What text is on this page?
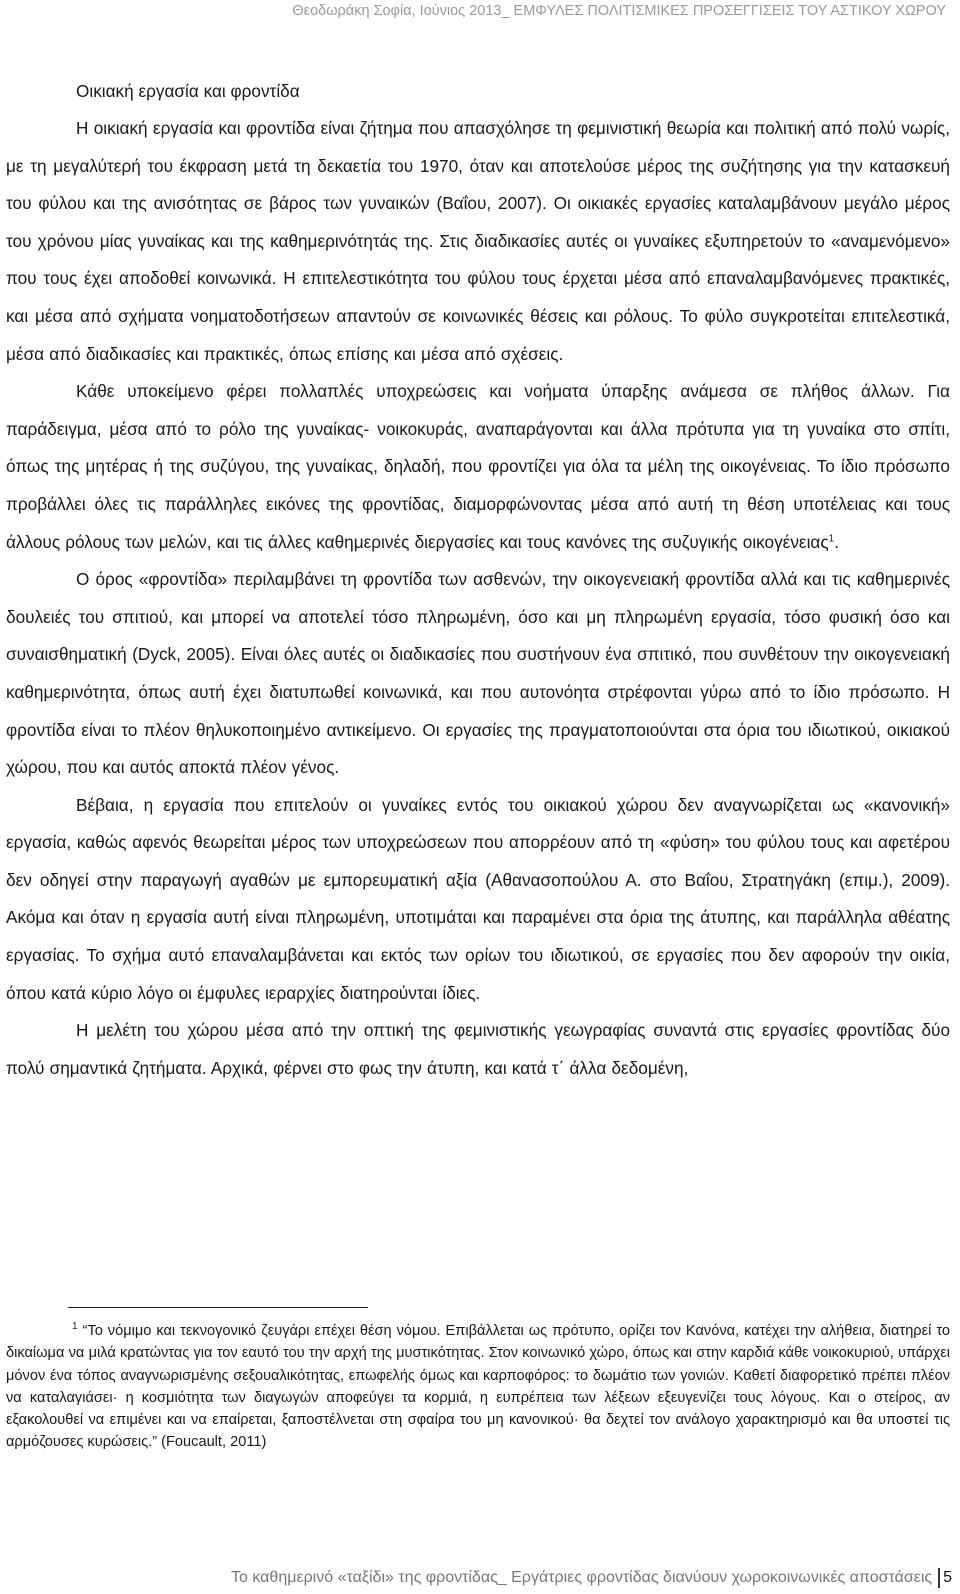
Θεοδωράκη Σοφία, Ιούνιος 2013_ ΕΜΦΥΛΕΣ ΠΟΛΙΤΙΣΜΙΚΕΣ ΠΡΟΣΕΓΓΙΣΕΙΣ ΤΟΥ ΑΣΤΙΚΟΥ ΧΩΡΟΥ
Οικιακή εργασία και φροντίδα

Η οικιακή εργασία και φροντίδα είναι ζήτημα που απασχόλησε τη φεμινιστική θεωρία και πολιτική από πολύ νωρίς, με τη μεγαλύτερή του έκφραση μετά τη δεκαετία του 1970, όταν και αποτελούσε μέρος της συζήτησης για την κατασκευή του φύλου και της ανισότητας σε βάρος των γυναικών (Βαΐου, 2007). Οι οικιακές εργασίες καταλαμβάνουν μεγάλο μέρος του χρόνου μίας γυναίκας και της καθημερινότητάς της. Στις διαδικασίες αυτές οι γυναίκες εξυπηρετούν το «αναμενόμενο» που τους έχει αποδοθεί κοινωνικά. Η επιτελεστικότητα του φύλου τους έρχεται μέσα από επαναλαμβανόμενες πρακτικές, και μέσα από σχήματα νοηματοδοτήσεων απαντούν σε κοινωνικές θέσεις και ρόλους. Το φύλο συγκροτείται επιτελεστικά, μέσα από διαδικασίες και πρακτικές, όπως επίσης και μέσα από σχέσεις.

Κάθε υποκείμενο φέρει πολλαπλές υποχρεώσεις και νοήματα ύπαρξης ανάμεσα σε πλήθος άλλων. Για παράδειγμα, μέσα από το ρόλο της γυναίκας- νοικοκυράς, αναπαράγονται και άλλα πρότυπα για τη γυναίκα στο σπίτι, όπως της μητέρας ή της συζύγου, της γυναίκας, δηλαδή, που φροντίζει για όλα τα μέλη της οικογένειας. Το ίδιο πρόσωπο προβάλλει όλες τις παράλληλες εικόνες της φροντίδας, διαμορφώνοντας μέσα από αυτή τη θέση υποτέλειας και τους άλλους ρόλους των μελών, και τις άλλες καθημερινές διεργασίες και τους κανόνες της συζυγικής οικογένειας$^1$.

Ο όρος «φροντίδα» περιλαμβάνει τη φροντίδα των ασθενών, την οικογενειακή φροντίδα αλλά και τις καθημερινές δουλειές του σπιτιού, και μπορεί να αποτελεί τόσο πληρωμένη, όσο και μη πληρωμένη εργασία, τόσο φυσική όσο και συναισθηματική (Dyck, 2005). Είναι όλες αυτές οι διαδικασίες που συστήνουν ένα σπιτικό, που συνθέτουν την οικογενειακή καθημερινότητα, όπως αυτή έχει διατυπωθεί κοινωνικά, και που αυτονόητα στρέφονται γύρω από το ίδιο πρόσωπο. Η φροντίδα είναι το πλέον θηλυκοποιημένο αντικείμενο. Οι εργασίες της πραγματοποιούνται στα όρια του ιδιωτικού, οικιακού χώρου, που και αυτός αποκτά πλέον γένος.

Βέβαια, η εργασία που επιτελούν οι γυναίκες εντός του οικιακού χώρου δεν αναγνωρίζεται ως «κανονική» εργασία, καθώς αφενός θεωρείται μέρος των υποχρεώσεων που απορρέουν από τη «φύση» του φύλου τους και αφετέρου δεν οδηγεί στην παραγωγή αγαθών με εμπορευματική αξία (Αθανασοπούλου Α. στο Βαΐου, Στρατηγάκη (επιμ.), 2009). Ακόμα και όταν η εργασία αυτή είναι πληρωμένη, υποτιμάται και παραμένει στα όρια της άτυπης, και παράλληλα αθέατης εργασίας. Το σχήμα αυτό επαναλαμβάνεται και εκτός των ορίων του ιδιωτικού, σε εργασίες που δεν αφορούν την οικία, όπου κατά κύριο λόγο οι έμφυλες ιεραρχίες διατηρούνται ίδιες.

Η μελέτη του χώρου μέσα από την οπτική της φεμινιστικής γεωγραφίας συναντά στις εργασίες φροντίδας δύο πολύ σημαντικά ζητήματα. Αρχικά, φέρνει στο φως την άτυπη, και κατά τ΄ άλλα δεδομένη,

$^1$ “Το νόμιμο και τεκνογονικό ζευγάρι επέχει θέση νόμου. Επιβάλλεται ως πρότυπο, ορίζει τον Κανόνα, κατέχει την αλήθεια, διατηρεί το δικαίωμα να μιλά κρατώντας για τον εαυτό του την αρχή της μυστικότητας. Στον κοινωνικό χώρο, όπως και στην καρδιά κάθε νοικοκυριού, υπάρχει μόνον ένα τόπος αναγνωρισμένης σεξουαλικότητας, επωφελής όμως και καρποφόρος: το δωμάτιο των γονιών. Καθετί διαφορετικό πρέπει πλέον να καταλαγιάσει· η κοσμιότητα των διαγωγών αποφεύγει τα κορμιά, η ευπρέπεια των λέξεων εξευγενίζει τους λόγους. Και ο στείρος, αν εξακολουθεί να επιμένει και να επαίρεται, ξαποστέλνεται στη σφαίρα του μη κανονικού· θα δεχτεί τον ανάλογο χαρακτηρισμό και θα υποστεί τις αρμόζουσες κυρώσεις.” (Foucault, 2011)
Το καθημερινό «ταξίδι» της φροντίδας_ Εργάτριες φροντίδας διανύουν χωροκοινωνικές αποστάσεις 5
